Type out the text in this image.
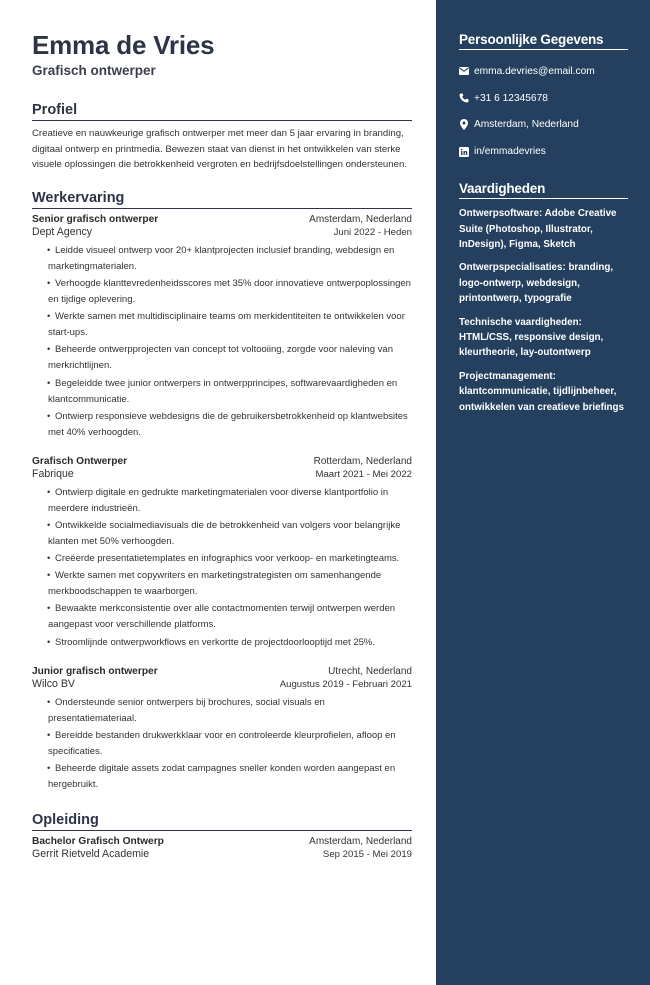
Emma de Vries
Grafisch ontwerper
Profiel
Creatieve en nauwkeurige grafisch ontwerper met meer dan 5 jaar ervaring in branding, digitaal ontwerp en printmedia. Bewezen staat van dienst in het ontwikkelen van sterke visuele oplossingen die betrokkenheid vergroten en bedrijfsdoelstellingen ondersteunen.
Werkervaring
Senior grafisch ontwerper	Amsterdam, Nederland
Dept Agency	Juni 2022 - Heden
• Leidde visueel ontwerp voor 20+ klantprojecten inclusief branding, webdesign en marketingmaterialen.
• Verhoogde klanttevredenheidsscores met 35% door innovatieve ontwerpoplossingen en tijdige oplevering.
• Werkte samen met multidisciplinaire teams om merkidentiteiten te ontwikkelen voor start-ups.
• Beheerde ontwerpprojecten van concept tot voltooiing, zorgde voor naleving van merkrichtlijnen.
• Begeleidde twee junior ontwerpers in ontwerpprincipes, softwarevaardigheden en klantcommunicatie.
• Ontwierp responsieve webdesigns die de gebruikersbetrokkenheid op klantwebsites met 40% verhoogden.
Grafisch Ontwerper	Rotterdam, Nederland
Fabrique	Maart 2021 - Mei 2022
• Ontwierp digitale en gedrukte marketingmaterialen voor diverse klantportfolio in meerdere industrieën.
• Ontwikkelde socialmediavisuals die de betrokkenheid van volgers voor belangrijke klanten met 50% verhoogden.
• Creëerde presentatietemplates en infographics voor verkoop- en marketingteams.
• Werkte samen met copywriters en marketingstrategisten om samenhangende merkboodschappen te waarborgen.
• Bewaakte merkconsistentie over alle contactmomenten terwijl ontwerpen werden aangepast voor verschillende platforms.
• Stroomlijnde ontwerpworkflows en verkortte de projectdoorlooptijd met 25%.
Junior grafisch ontwerper	Utrecht, Nederland
Wilco BV	Augustus 2019 - Februari 2021
• Ondersteunde senior ontwerpers bij brochures, social visuals en presentatiemateriaal.
• Bereidde bestanden drukwerkklaar voor en controleerde kleurprofielen, afloop en specificaties.
• Beheerde digitale assets zodat campagnes sneller konden worden aangepast en hergebruikt.
Opleiding
Bachelor Grafisch Ontwerp	Amsterdam, Nederland
Gerrit Rietveld Academie	Sep 2015 - Mei 2019
Persoonlijke Gegevens
emma.devries@email.com
+31 6 12345678
Amsterdam, Nederland
in/emmadevries
Vaardigheden
Ontwerpsoftware: Adobe Creative Suite (Photoshop, Illustrator, InDesign), Figma, Sketch
Ontwerpspecialisaties: branding, logo-ontwerp, webdesign, printontwerp, typografie
Technische vaardigheden: HTML/CSS, responsive design, kleurtheorie, lay-outontwerp
Projectmanagement: klantcommunicatie, tijdlijnbeheer, ontwikkelen van creatieve briefings
